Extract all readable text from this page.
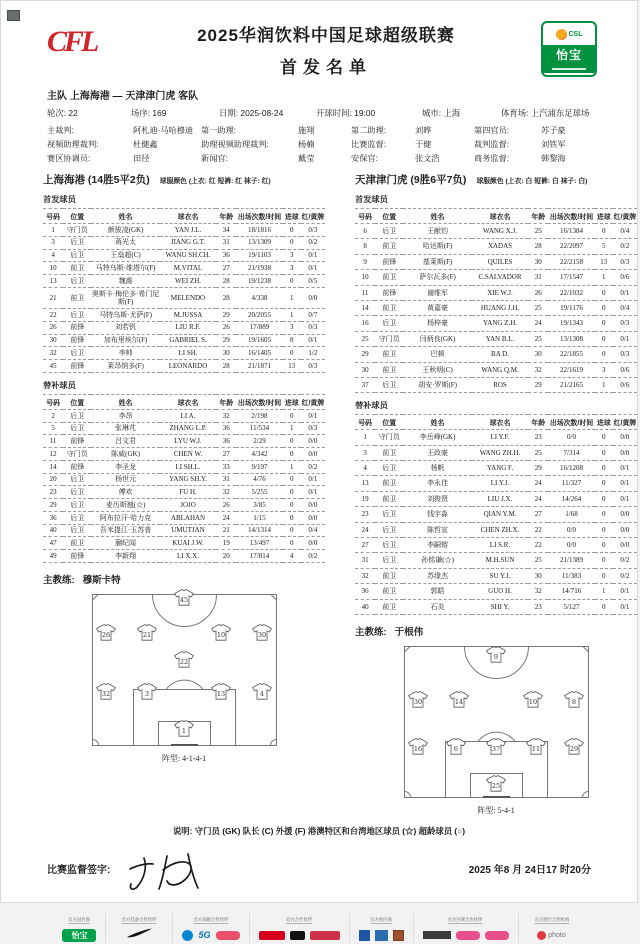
CFL	2025华润饮料中国足球超级联赛
首发名单
CSL
怡宝
主队 上海海港 — 天津津门虎 客队
轮次: 22	场序: 169	日期: 2025-08-24	开球时间: 19:00	城市: 上海	体育场: 上汽浦东足球场
主裁判:	阿札迪·马哈穆迪 第一助理:	施翔	第二助理:	刘晔	第四官员:	苏子豪
视频助理裁判:	杜健鑫	助理视频助理裁判:	杨楠	比赛监督:	于健	裁判监督:	刘铁军
赛区协调员:	田径	新闻官:	戴莹	安保官:	张文浩	商务监督:	韩黎海
上海海港 (14胜5平2负) 球服颜色 (上衣: 红 短裤: 红 袜子: 红)
首发球员
号码	位置	姓名	球衣名	年龄	出场次数/时间	进球	红/黄牌
1	守门员	颜骏凌(GK)	YAN J.L.	34	18/1816	0	0/3
3	后卫	蒋光太	JIANG G.T.	31	13/1309	0	0/2
4	后卫	王燊超(C)	WANG SH.CH.	36	19/1103	3	0/1
10	前卫	马特乌斯·维塔尔(F)	M.VITAL	27	21/1938	3	0/1
13	后卫	魏震	WEI ZH.	28	19/1238	0	0/5
21	前卫	奥斯卡·梅伦多·希门尼斯(F)	MELENDO	28	4/338	1	0/0
22	后卫	马特乌斯·尤萨(F)	M.JUSSA	29	20/2055	1	0/7
26	前锋	刘若钒	LIU R.F.	26	17/889	3	0/3
30	前锋	加布里埃尔(F)	GABRIEL S.	29	19/1605	8	0/1
32	后卫	李帅	LI SH.	30	16/1405	0	1/2
45	前锋	莱昂纳多(F)	LEONARDO	28	21/1871	13	0/3
替补球员
号码	位置	姓名	球衣名	年龄	出场次数/时间	进球	红/黄牌
2	后卫	李昂	LI A.	32	2/198	0	0/1
5	后卫	张琳芃	ZHANG L.P.	36	11/534	1	0/3
11	前锋	吕文君	LYU W.J.	36	2/29	0	0/0
12	守门员	陈威(GK)	CHEN W.	27	4/342	0	0/0
14	前锋	李圣龙	LI SH.L.	33	9/197	1	0/2
20	后卫	杨世元	YANG SH.Y.	31	4/76	0	0/1
23	后卫	傅欢	FU H.	32	5/255	0	0/1
29	后卫	麦历斯翘(☆)	JOJO	26	3/85	0	0/0
36	后卫	阿布拉汗·哈力克	ABLAHAN	24	1/15	0	0/0
40	后卫	吾米提江·玉苏普	UMUTJAN	21	14/1314	0	0/4
47	前卫	蒯纪闻	KUAI J.W.	19	13/497	0	0/0
49	前锋	李新翔	LI X.X.	20	17/814	4	0/2
主教练: 穆斯卡特
45
26	21	10	30
22
32	3	13	4
1
阵型: 4-1-4-1
天津津门虎 (9胜6平7负) 球服颜色 (上衣: 白 短裤: 白 袜子: 白)
首发球员
号码	位置	姓名	球衣名	年龄	出场次数/时间	进球	红/黄牌
6	后卫	王献钧	WANG X.J.	25	16/1384	0	0/4
8	前卫	哈达斯(F)	XADAS	28	22/2097	5	0/2
9	前锋	基莱斯(F)	QUILES	30	22/2158	13	0/3
10	前卫	萨尔瓦多(F)	C.SALVADOR	31	17/1547	1	0/6
11	前锋	谢维军	XIE W.J.	26	22/1032	0	0/1
14	前卫	黄嘉豪	HUANG J.H.	25	19/1176	0	0/4
16	后卫	杨梓豪	YANG Z.H.	24	19/1343	0	0/3
25	守门员	闫炳良(GK)	YAN B.L.	25	13/1308	0	0/1
29	前卫	巴顿	BA D.	30	22/1855	0	0/3
30	前卫	王秋明(C)	WANG Q.M.	32	22/1619	3	0/6
37	后卫	胡安·罗斯(F)	ROS	29	21/2165	1	0/6
替补球员
号码	位置	姓名	球衣名	年龄	出场次数/时间	进球	红/黄牌
1	守门员	李岳峰(GK)	LI Y.F.	23	0/0	0	0/0
3	前卫	王政豪	WANG ZH.H.	25	7/314	0	0/0
4	后卫	杨帆	YANG F.	29	16/1208	0	0/1
13	前卫	李永佳	LI Y.J.	24	11/327	0	0/1
19	前卫	刘俊贤	LIU J.X.	24	14/264	0	0/1
23	后卫	钱宇淼	QIAN Y.M.	27	1/68	0	0/0
24	后卫	陈哲宣	CHEN ZH.X.	22	0/0	0	0/0
27	后卫	李嗣镕	LI S.R.	22	0/0	0	0/0
31	后卫	孙铭谦(☆)	M.H.SUN	25	21/1389	0	0/2
32	前卫	苏缘杰	SU Y.J.	30	11/383	0	0/2
36	前卫	郭皓	GUO H.	32	14/716	1	0/1
40	前卫	石炎	SHI Y.	23	5/127	0	0/1
主教练: 于根伟
9
30	14	10	8
16	6	37	11	29
25
阵型: 5-4-1
说明: 守门员 (GK) 队长 (C) 外援 (F) 港澳特区和台湾地区球员 (☆) 超龄球员 (○)
比赛监督签字:	2025 年8 月 24日17 时20分
官方冠名商
怡宝
官方装备合作伙伴	官方高级合作伙伴
5G
官方合作伙伴	官方供应商	官方区域合作伙伴	官方图片合作机构
photo
